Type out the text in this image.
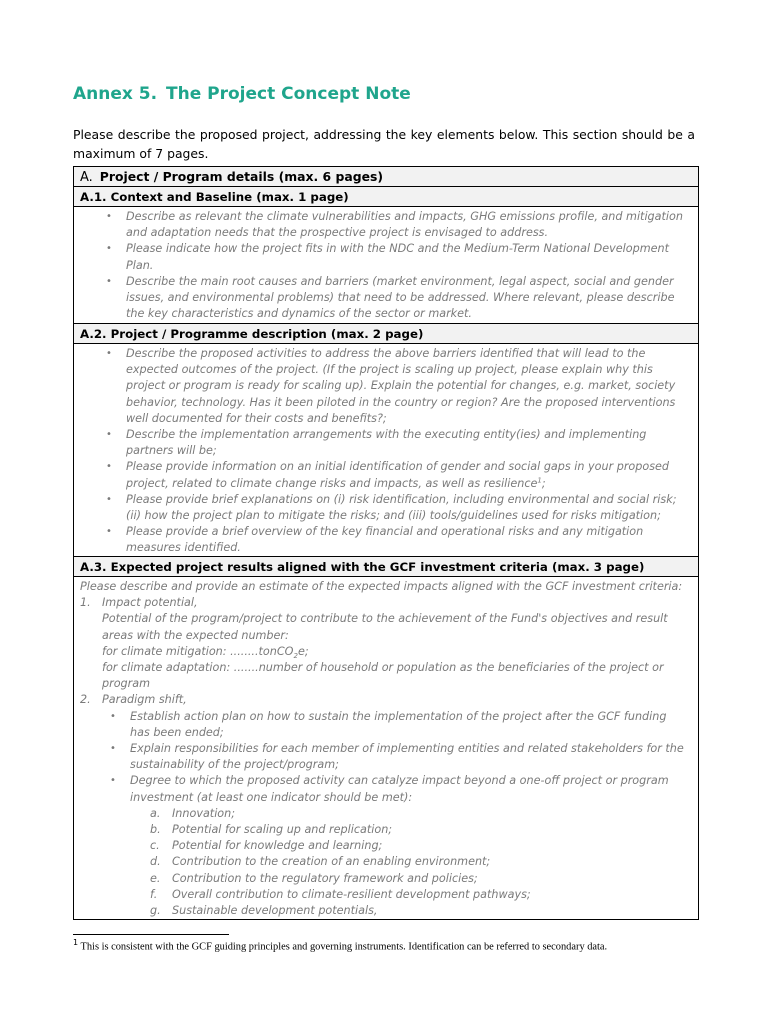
Annex 5. The Project Concept Note
Please describe the proposed project, addressing the key elements below. This section should be a maximum of 7 pages.
A. Project / Program details (max. 6 pages)
A.1. Context and Baseline (max. 1 page)
• Describe as relevant the climate vulnerabilities and impacts, GHG emissions profile, and mitigation and adaptation needs that the prospective project is envisaged to address.
• Please indicate how the project fits in with the NDC and the Medium-Term National Development Plan.
• Describe the main root causes and barriers (market environment, legal aspect, social and gender issues, and environmental problems) that need to be addressed. Where relevant, please describe the key characteristics and dynamics of the sector or market.
A.2. Project / Programme description (max. 2 page)
• Describe the proposed activities to address the above barriers identified that will lead to the expected outcomes of the project. (If the project is scaling up project, please explain why this project or program is ready for scaling up). Explain the potential for changes, e.g. market, society behavior, technology. Has it been piloted in the country or region? Are the proposed interventions well documented for their costs and benefits?;
• Describe the implementation arrangements with the executing entity(ies) and implementing partners will be;
• Please provide information on an initial identification of gender and social gaps in your proposed project, related to climate change risks and impacts, as well as resilience$^1$;
• Please provide brief explanations on (i) risk identification, including environmental and social risk; (ii) how the project plan to mitigate the risks; and (iii) tools/guidelines used for risks mitigation;
• Please provide a brief overview of the key financial and operational risks and any mitigation measures identified.
A.3. Expected project results aligned with the GCF investment criteria (max. 3 page)
Please describe and provide an estimate of the expected impacts aligned with the GCF investment criteria:
1. Impact potential,
Potential of the program/project to contribute to the achievement of the Fund's objectives and result areas with the expected number:
for climate mitigation: ........tonCO$_2$e;
for climate adaptation: .......number of household or population as the beneficiaries of the project or program
2. Paradigm shift,
• Establish action plan on how to sustain the implementation of the project after the GCF funding has been ended;
• Explain responsibilities for each member of implementing entities and related stakeholders for the sustainability of the project/program;
• Degree to which the proposed activity can catalyze impact beyond a one-off project or program investment (at least one indicator should be met):
a. Innovation;
b. Potential for scaling up and replication;
c. Potential for knowledge and learning;
d. Contribution to the creation of an enabling environment;
e. Contribution to the regulatory framework and policies;
f. Overall contribution to climate-resilient development pathways;
g. Sustainable development potentials,
$^1$ This is consistent with the GCF guiding principles and governing instruments. Identification can be referred to secondary data.
